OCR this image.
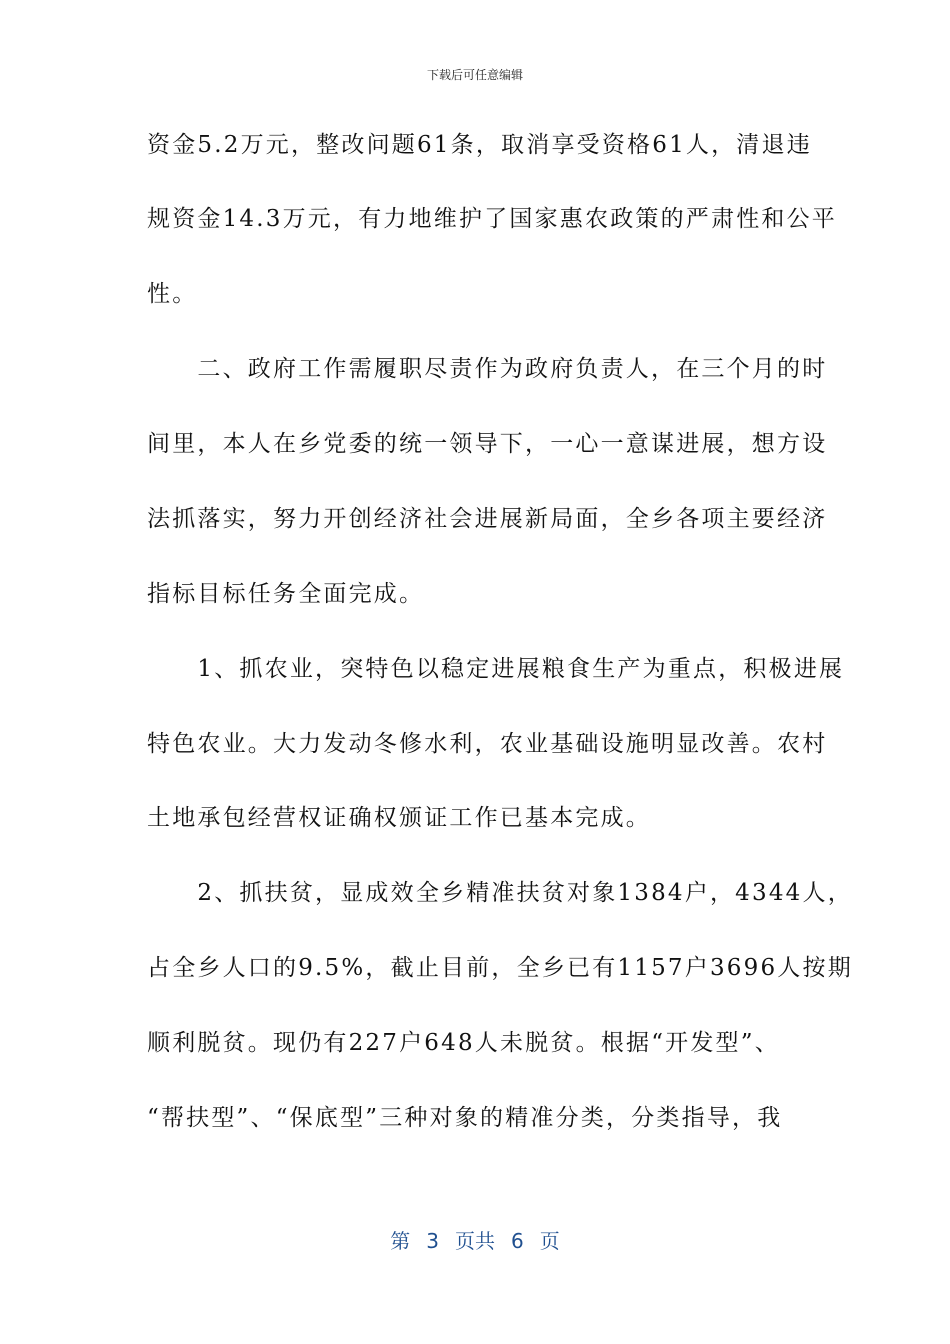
下载后可任意编辑
资金5.2万元，整改问题61条，取消享受资格61人，清退违
规资金14.3万元，有力地维护了国家惠农政策的严肃性和公平
性。
　　二、政府工作需履职尽责作为政府负责人，在三个月的时
间里，本人在乡党委的统一领导下，一心一意谋进展，想方设
法抓落实，努力开创经济社会进展新局面，全乡各项主要经济
指标目标任务全面完成。
　　1、抓农业，突特色以稳定进展粮食生产为重点，积极进展
特色农业。大力发动冬修水利，农业基础设施明显改善。农村
土地承包经营权证确权颁证工作已基本完成。
　　2、抓扶贫，显成效全乡精准扶贫对象1384户，4344人，
占全乡人口的9.5%，截止目前，全乡已有1157户3696人按期
顺利脱贫。现仍有227户648人未脱贫。根据“开发型”、
“帮扶型”、“保底型”三种对象的精准分类，分类指导，我
第 3 页共 6 页
